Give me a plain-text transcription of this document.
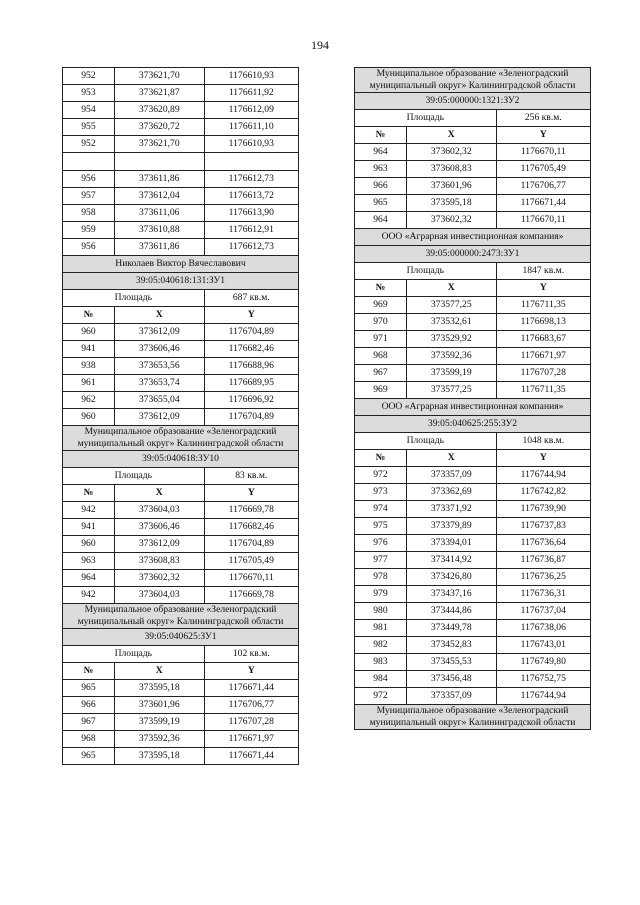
194
952	373621,70	1176610,93
953	373621,87	1176611,92
954	373620,89	1176612,09
955	373620,72	1176611,10
952	373621,70	1176610,93

956	373611,86	1176612,73
957	373612,04	1176613,72
958	373611,06	1176613,90
959	373610,88	1176612,91
956	373611,86	1176612,73
Николаев Виктор Вячеславович		
39:05:040618:131:ЗУ1		
Площадь		687 кв.м.
№	X	Y
960	373612,09	1176704,89
941	373606,46	1176682,46
938	373653,56	1176688,96
961	373653,74	1176689,95
962	373655,04	1176696,92
960	373612,09	1176704,89
Муниципальное образование «Зеленоградский муниципальный округ» Калининградской области		
39:05:040618:ЗУ10		
Площадь		83 кв.м.
№	X	Y
942	373604,03	1176669,78
941	373606,46	1176682,46
960	373612,09	1176704,89
963	373608,83	1176705,49
964	373602,32	1176670,11
942	373604,03	1176669,78
Муниципальное образование «Зеленоградский муниципальный округ» Калининградской области		
39:05:040625:ЗУ1		
Площадь		102 кв.м.
№	X	Y
965	373595,18	1176671,44
966	373601,96	1176706,77
967	373599,19	1176707,28
968	373592,36	1176671,97
965	373595,18	1176671,44
Муниципальное образование «Зеленоградский муниципальный округ» Калининградской области		
39:05:000000:1321:ЗУ2		
Площадь		256 кв.м.
№	X	Y
964	373602,32	1176670,11
963	373608,83	1176705,49
966	373601,96	1176706,77
965	373595,18	1176671,44
964	373602,32	1176670,11
ООО «Аграрная инвестиционная компания»		
39:05:000000:2473:ЗУ1		
Площадь		1847 кв.м.
№	X	Y
969	373577,25	1176711,35
970	373532,61	1176698,13
971	373529,92	1176683,67
968	373592,36	1176671,97
967	373599,19	1176707,28
969	373577,25	1176711,35
ООО «Аграрная инвестиционная компания»		
39:05:040625:255:ЗУ2		
Площадь		1048 кв.м.
№	X	Y
972	373357,09	1176744,94
973	373362,69	1176742,82
974	373371,92	1176739,90
975	373379,89	1176737,83
976	373394,01	1176736,64
977	373414,92	1176736,87
978	373426,80	1176736,25
979	373437,16	1176736,31
980	373444,86	1176737,04
981	373449,78	1176738,06
982	373452,83	1176743,01
983	373455,53	1176749,80
984	373456,48	1176752,75
972	373357,09	1176744,94
Муниципальное образование «Зеленоградский муниципальный округ» Калининградской области		
